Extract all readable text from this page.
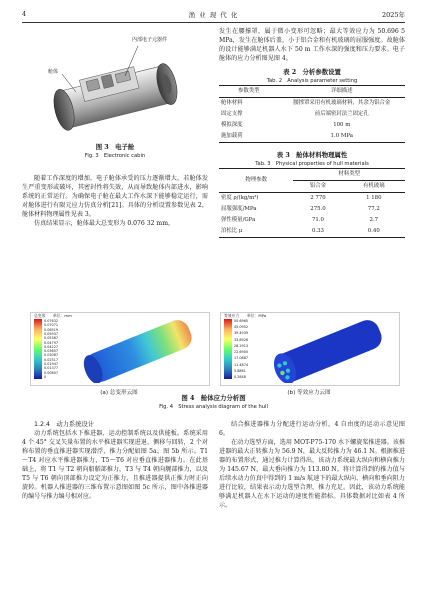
4	渔 业 现 代 化	2025年
内部电子元器件
舱体
图 3　电子舱
Fig. 3　Electronic cabin

随着工作深度的增加，电子舱体承受的压力逐渐增大，若舱体发生严重变形或破坏，其密封性将失效，从而导致舱体内部进水，影响系统的正常运行。为确保电子舱在最大工作水深下能够稳定运行，需对舱体进行有限元应力仿真分析[21]。具体的分析设置参数见表 2，舱体材料物理属性见表 3。

仿真结果显示，舱体最大总变形为 0.076 32 mm，

发生在腰撑罩，属于微小变形可忽略；最大等效应力为 50.696 5 MPa，发生在舱体后盖，小于铝合金和有机玻璃的屈服强度。故舱体的设计能够满足机器人水下 50 m 工作水深的强度和压力要求。电子舱体的应力分析图见图 4。

表 2　分析参数设置
Tab. 2　Analysis parameter setting
参数类型	详细描述
舱体材料	腰撑罩采用有机玻璃材料，其余为铝合金
固定支撑	前后端密封法兰固定孔
模拟深度	100 m
施加载荷	1.0 MPa
表 3　舱体材料物理属性
Tab. 3　Physical properties of hull materials
物理参数	材料类型	
	铝合金	有机玻璃
密度 ρ/(kg/m³)	2 770	1 180
屈服强度/MPa	275.0	77.2
弹性模量/GPa	71.0	2.7
泊松比 μ	0.33	0.40
总变形 单位：mm
0.07632
0.07071
0.06519
0.05937
0.05367
0.04797
0.04227
0.03657
0.03087
0.02517
0.01947
0.01377
0.00807
0
(a) 总变形云图
等效应力 单位：MPa
50.6965
45.0952
39.4939
33.8926
28.2913
22.6900
17.0887
11.4874
5.8861
0.2848
(b) 等效应力云图
图 4　舱体应力分析图
Fig. 4　Stress analysis diagram of the hull

1.2.4　动力系统设计

动力系统包括水下推进器、运动控制系统以及供能板。系统采用 4 个 45° 交叉矢量布置的水平推进器实现进退、侧移与回转，2 个对称布置的垂直推进器实现潜浮，推力分配如图 5a、图 5b 所示。T1～T4 对应水平推进器推力，T5～T6 对应垂直推进器推力。在此基础上，将 T1 与 T2 朝向船艏部推力，T3 与 T4 朝向艉部推力，以及 T5 与 T6 朝向顶部推力设定为正推力，且推进器提供正推力时正向旋转。机器人推进器的三维布置示意图如图 5c 所示，图中各推进器的编号与推力编号相对应。

结合推进器推力分配进行运动分析，4 自由度的运动示意见图 6。

在动力选型方面，选用 MOT-P75-170 水下螺旋桨推进器。该推进器的最大正转推力为 56.9 N，最大反转推力为 46.1 N。根据推进器的布置形式，通过推力计算得出，该动力系统最大纵向和横向推力为 145.67 N，最大垂向推力为 113.80 N。将计算得到的推力值与后续水动力仿真中得到的 1 m/s 航速下的最大纵向、横向和垂向阻力进行比较，结果表示动力选型合理，推力充足。因此，该动力系统能够满足机器人在水下运动的速度性能指标。具体数据对比如表 4 所示。
